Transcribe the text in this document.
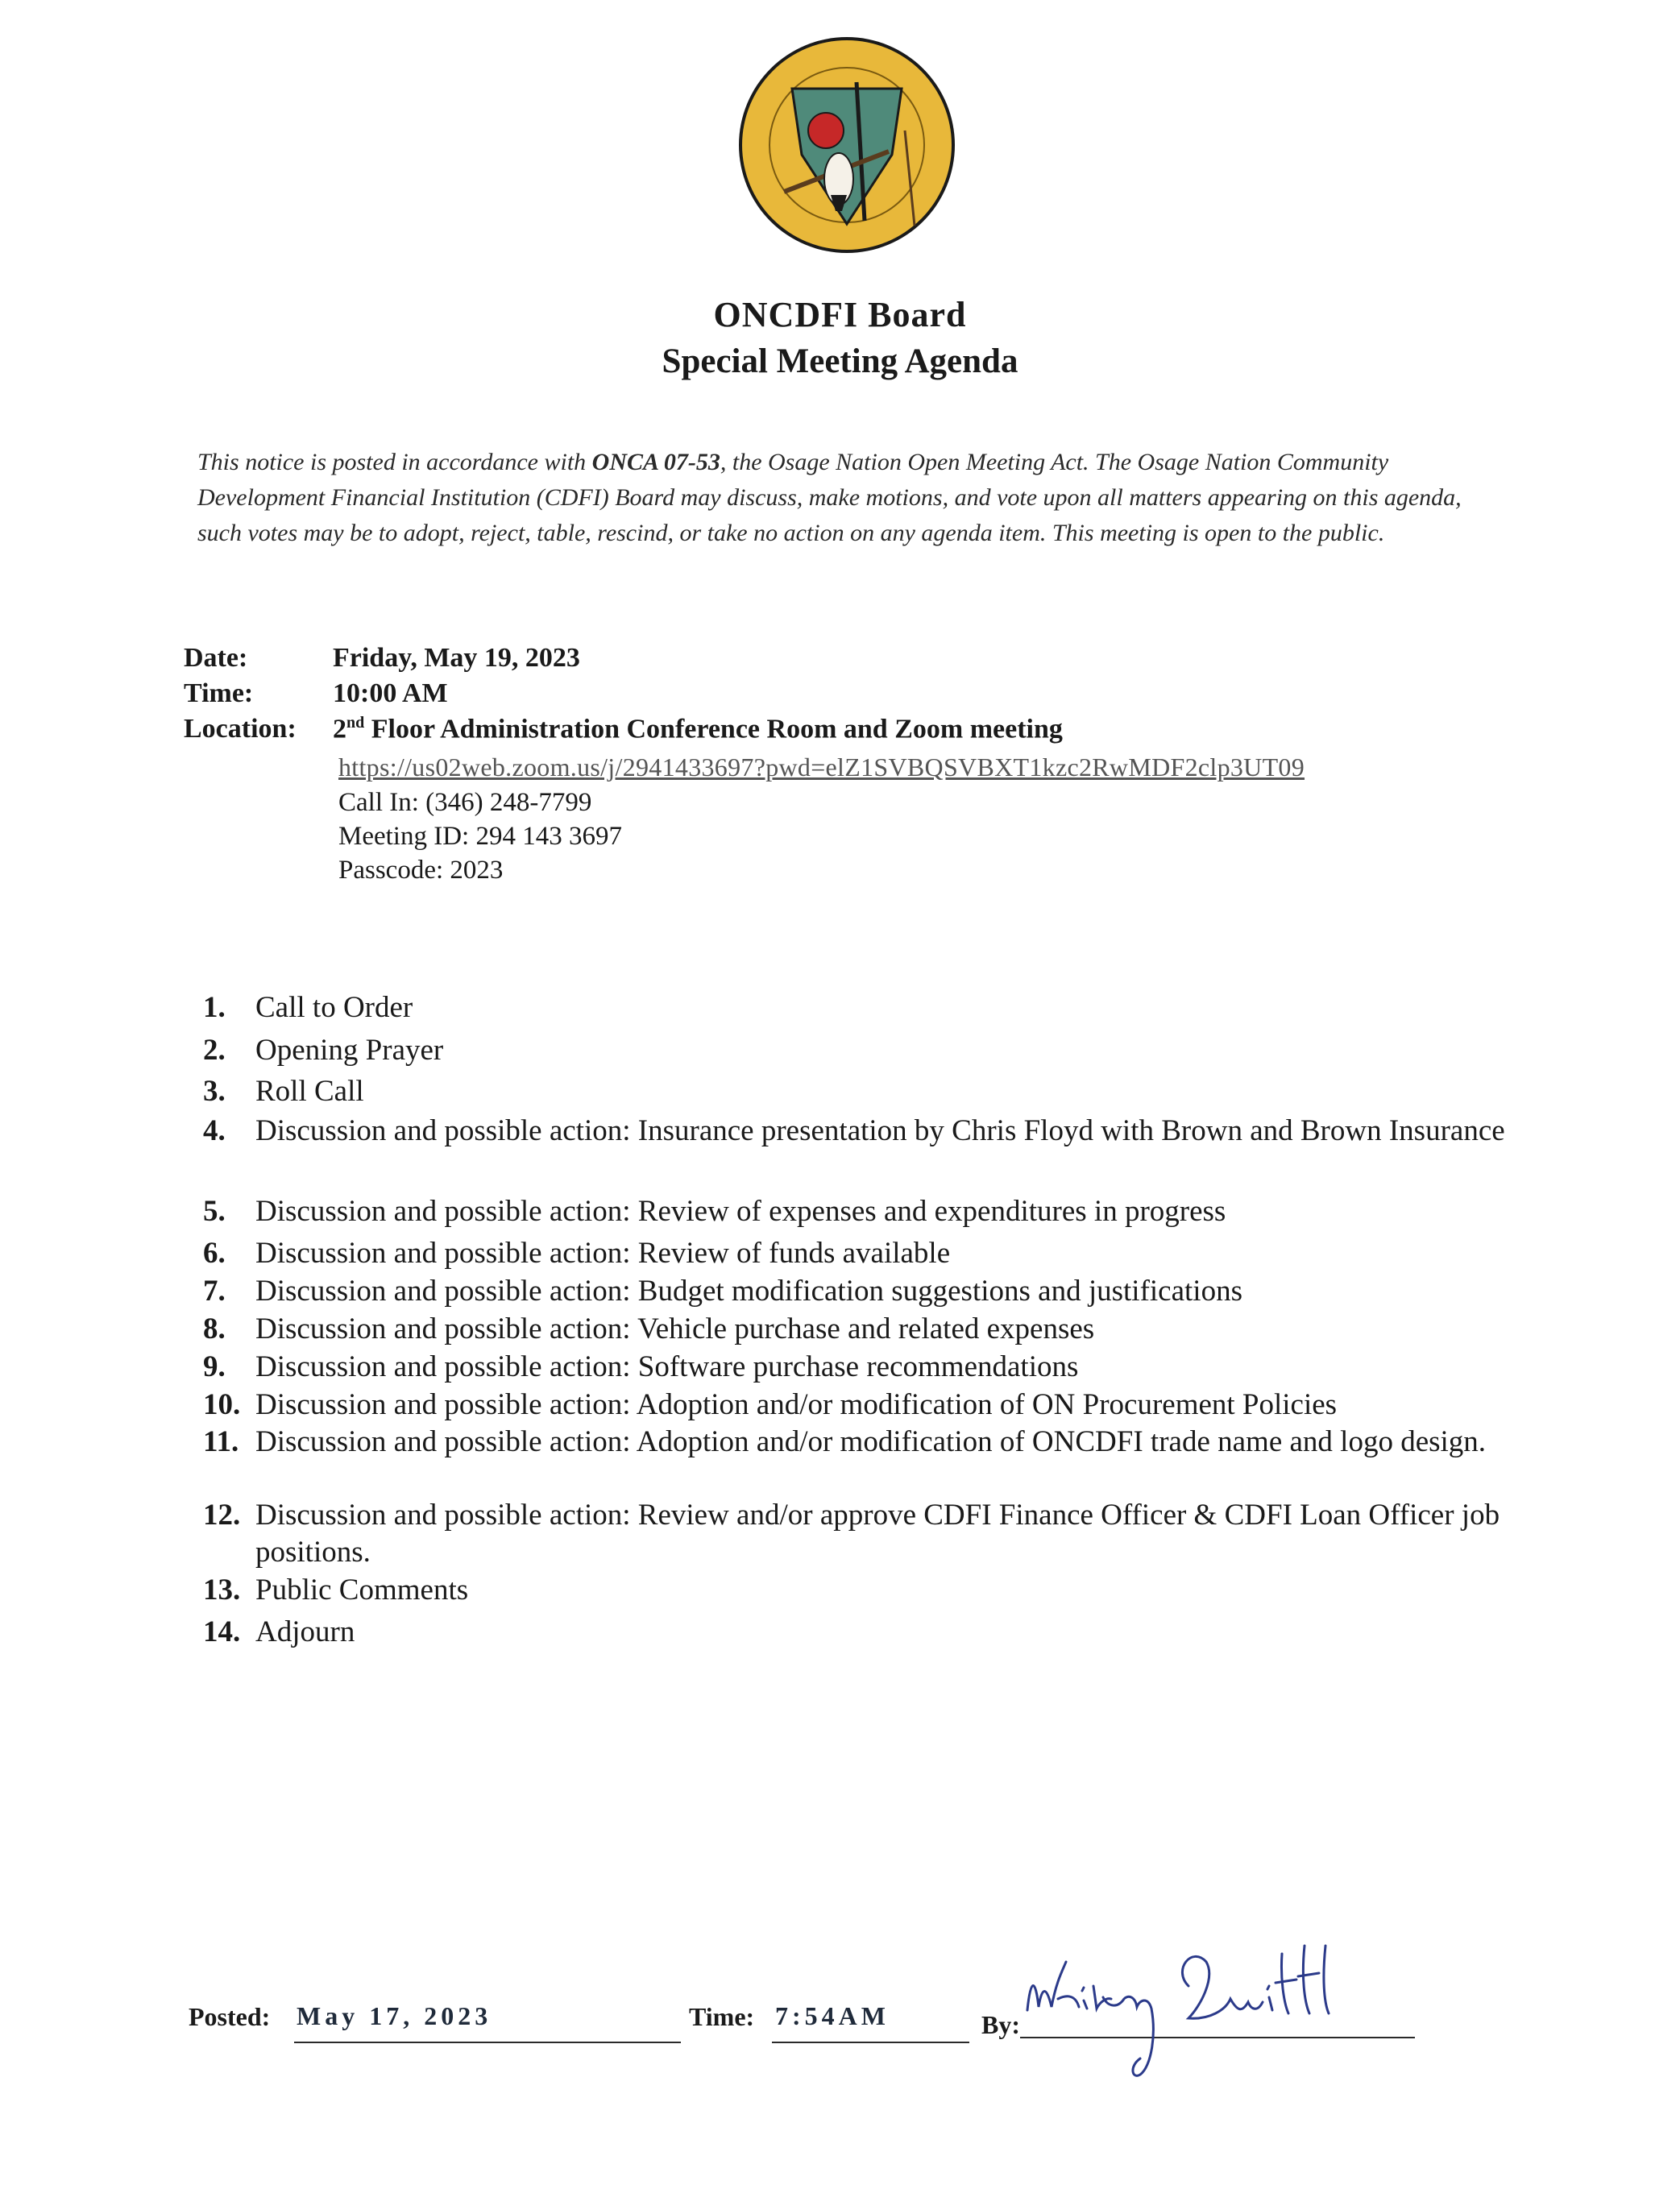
ONCDFI Board
Special Meeting Agenda
This notice is posted in accordance with ONCA 07-53, the Osage Nation Open Meeting Act. The Osage Nation Community Development Financial Institution (CDFI) Board may discuss, make motions, and vote upon all matters appearing on this agenda, such votes may be to adopt, reject, table, rescind, or take no action on any agenda item. This meeting is open to the public.
Date:	Friday, May 19, 2023
Time:	10:00 AM
Location: 2nd Floor Administration Conference Room and Zoom meeting
https://us02web.zoom.us/j/2941433697?pwd=elZ1SVBQSVBXT1kzc2RwMDF2clp3UT09
Call In: (346) 248-7799
Meeting ID: 294 143 3697
Passcode: 2023
1.	Call to Order
2.	Opening Prayer
3.	Roll Call
4.	Discussion and possible action: Insurance presentation by Chris Floyd with Brown and Brown Insurance
5.	Discussion and possible action: Review of expenses and expenditures in progress
6.	Discussion and possible action: Review of funds available
7.	Discussion and possible action: Budget modification suggestions and justifications
8.	Discussion and possible action: Vehicle purchase and related expenses
9.	Discussion and possible action: Software purchase recommendations
10. Discussion and possible action: Adoption and/or modification of ON Procurement Policies
11. Discussion and possible action: Adoption and/or modification of ONCDFI trade name and logo design.
12. Discussion and possible action: Review and/or approve CDFI Finance Officer & CDFI Loan Officer job positions.
13. Public Comments
14. Adjourn
Posted: May 17, 2023	Time: 7:54AM	By:
